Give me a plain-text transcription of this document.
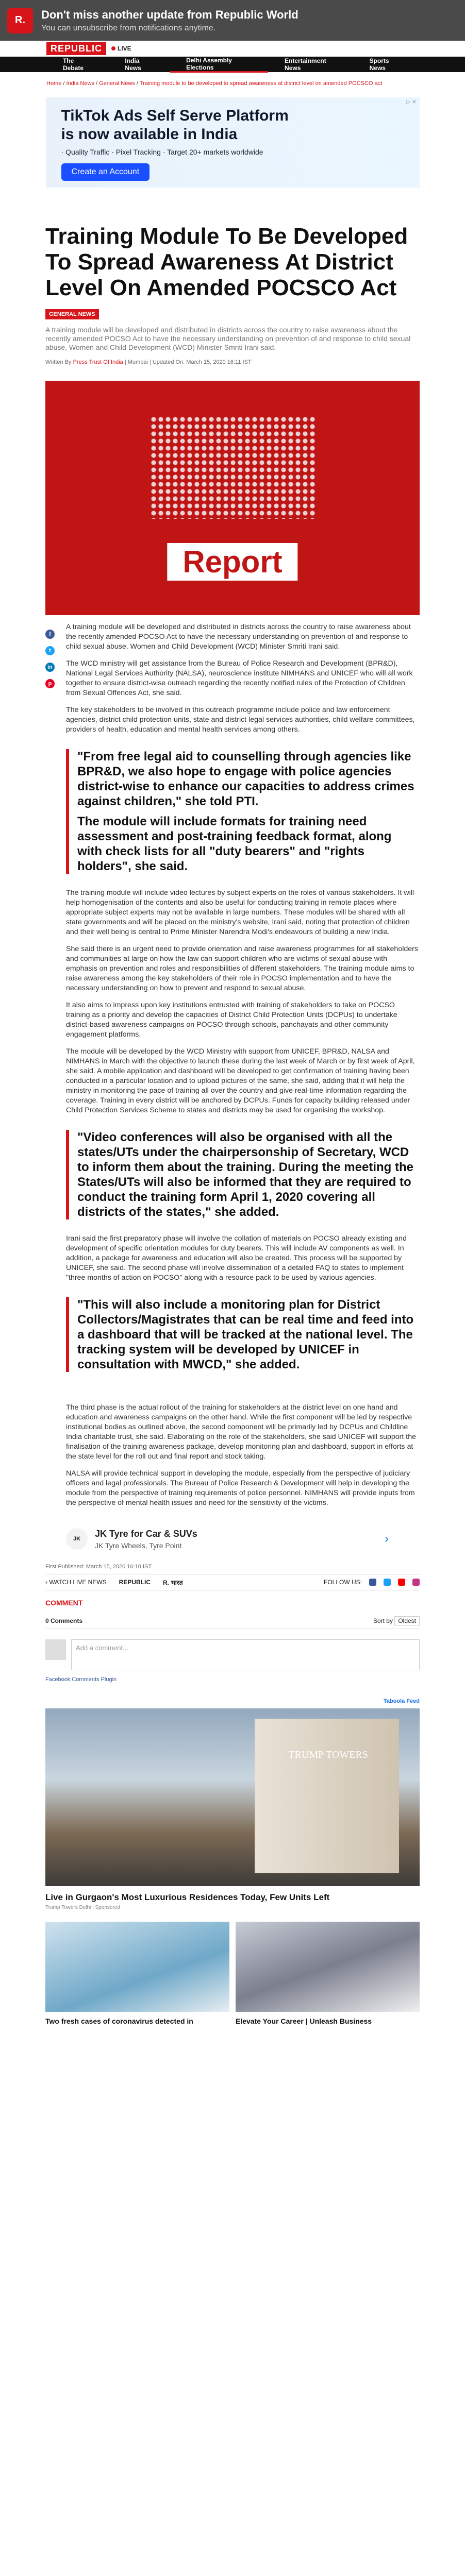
R.	Don't miss another update from Republic World
You can unsubscribe from notifications anytime.
REPUBLIC	LIVE
The Debate
India News
Delhi Assembly Elections
Entertainment News
Sports News
Home / India News / General News / Training module to be developed to spread awareness at district level on amended POCSCO act
▷ ✕
TikTok Ads Self Serve Platform
is now available in India
· Quality Traffic · Pixel Tracking · Target 20+ markets worldwide
Create an Account
Training Module To Be Developed To Spread Awareness At District Level On Amended POCSCO Act
GENERAL NEWS
A training module will be developed and distributed in districts across the country to raise awareness about the recently amended POCSO Act to have the necessary understanding on prevention of and response to child sexual abuse, Women and Child Development (WCD) Minister Smriti Irani said.
Written By Press Trust Of India | Mumbai | Updated On: March 15, 2020 16:11 IST
Report
f
t
in
p

A training module will be developed and distributed in districts across the country to raise awareness about the recently amended POCSO Act to have the necessary understanding on prevention of and response to child sexual abuse, Women and Child Development (WCD) Minister Smriti Irani said.

The WCD ministry will get assistance from the Bureau of Police Research and Development (BPR&D), National Legal Services Authority (NALSA), neuroscience institute NIMHANS and UNICEF who will all work together to ensure district-wise outreach regarding the recently notified rules of the Protection of Children from Sexual Offences Act, she said.

The key stakeholders to be involved in this outreach programme include police and law enforcement agencies, district child protection units, state and district legal services authorities, child welfare committees, providers of health, education and mental health services among others.

"From free legal aid to counselling through agencies like BPR&D, we also hope to engage with police agencies district-wise to enhance our capacities to address crimes against children," she told PTI.

The module will include formats for training need assessment and post-training feedback format, along with check lists for all "duty bearers" and "rights holders", she said.

The training module will include video lectures by subject experts on the roles of various stakeholders. It will help homogenisation of the contents and also be useful for conducting training in remote places where appropriate subject experts may not be available in large numbers. These modules will be shared with all state governments and will be placed on the ministry's website, Irani said, noting that protection of children and their well being is central to Prime Minister Narendra Modi's endeavours of building a new India.

She said there is an urgent need to provide orientation and raise awareness programmes for all stakeholders and communities at large on how the law can support children who are victims of sexual abuse with emphasis on prevention and roles and responsibilities of different stakeholders. The training module aims to raise awareness among the key stakeholders of their role in POCSO implementation and to have the necessary understanding on how to prevent and respond to sexual abuse.

It also aims to impress upon key institutions entrusted with training of stakeholders to take on POCSO training as a priority and develop the capacities of District Child Protection Units (DCPUs) to undertake district-based awareness campaigns on POCSO through schools, panchayats and other community engagement platforms.

The module will be developed by the WCD Ministry with support from UNICEF, BPR&D, NALSA and NIMHANS in March with the objective to launch these during the last week of March or by first week of April, she said. A mobile application and dashboard will be developed to get confirmation of training having been conducted in a particular location and to upload pictures of the same, she said, adding that it will help the ministry in monitoring the pace of training all over the country and give real-time information regarding the coverage. Training in every district will be anchored by DCPUs. Funds for capacity building released under Child Protection Services Scheme to states and districts may be used for organising the workshop.

"Video conferences will also be organised with all the states/UTs under the chairpersonship of Secretary, WCD to inform them about the training. During the meeting the States/UTs will also be informed that they are required to conduct the training form April 1, 2020 covering all districts of the states," she added.

Irani said the first preparatory phase will involve the collation of materials on POCSO already existing and development of specific orientation modules for duty bearers. This will include AV components as well. In addition, a package for awareness and education will also be created. This process will be supported by UNICEF, she said. The second phase will involve dissemination of a detailed FAQ to states to implement "three months of action on POCSO" along with a resource pack to be used by various agencies.

"This will also include a monitoring plan for District Collectors/Magistrates that can be real time and feed into a dashboard that will be tracked at the national level. The tracking system will be developed by UNICEF in consultation with MWCD," she added.

The third phase is the actual rollout of the training for stakeholders at the district level on one hand and education and awareness campaigns on the other hand. While the first component will be led by respective institutional bodies as outlined above, the second component will be primarily led by DCPUs and Childline India charitable trust, she said. Elaborating on the role of the stakeholders, she said UNICEF will support the finalisation of the training awareness package, develop monitoring plan and dashboard, support in efforts at the state level for the roll out and final report and stock taking.

NALSA will provide technical support in developing the module, especially from the perspective of judiciary officers and legal professionals. The Bureau of Police Research & Development will help in developing the module from the perspective of training requirements of police personnel. NIMHANS will provide inputs from the perspective of mental health issues and need for the sensitivity of the victims.

JK
JK Tyre for Car & SUVs
JK Tyre Wheels, Tyre Point	›
First Published: March 15, 2020 16:10 IST
› WATCH LIVE NEWS REPUBLIC R. भारत	FOLLOW US:
COMMENT
0 Comments	Sort by Oldest
Add a comment...
Facebook Comments Plugin
Taboola Feed
TRUMP TOWERS
Live in Gurgaon's Most Luxurious Residences Today, Few Units Left
Trump Towers Delhi | Sponsored
Two fresh cases of coronavirus detected in	Elevate Your Career | Unleash Business
